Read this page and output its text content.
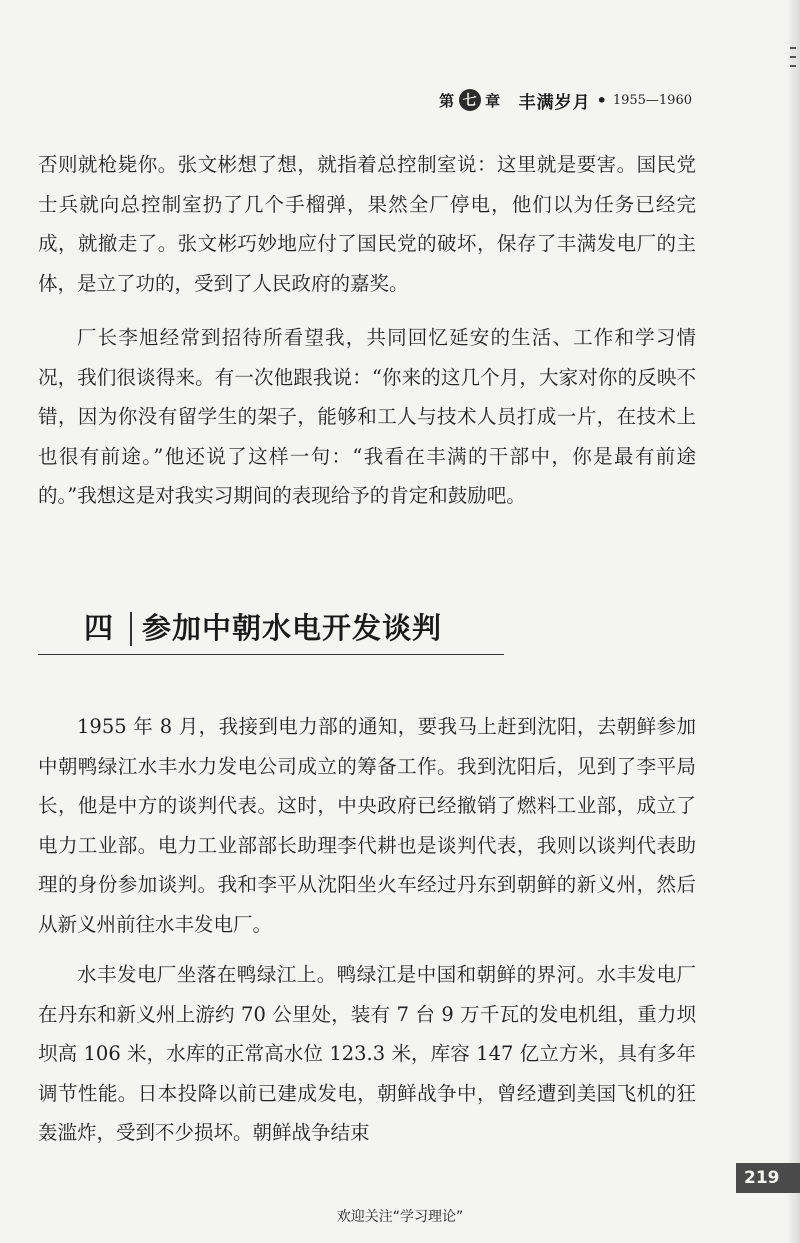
第 七 章 丰满岁月 • 1955—1960

否则就枪毙你。张文彬想了想，就指着总控制室说：这里就是要害。国民党士兵就向总控制室扔了几个手榴弹，果然全厂停电，他们以为任务已经完成，就撤走了。张文彬巧妙地应付了国民党的破坏，保存了丰满发电厂的主体，是立了功的，受到了人民政府的嘉奖。

厂长李旭经常到招待所看望我，共同回忆延安的生活、工作和学习情况，我们很谈得来。有一次他跟我说：“你来的这几个月，大家对你的反映不错，因为你没有留学生的架子，能够和工人与技术人员打成一片，在技术上也很有前途。”他还说了这样一句：“我看在丰满的干部中，你是最有前途的。”我想这是对我实习期间的表现给予的肯定和鼓励吧。

四 参加中朝水电开发谈判

1955 年 8 月，我接到电力部的通知，要我马上赶到沈阳，去朝鲜参加中朝鸭绿江水丰水力发电公司成立的筹备工作。我到沈阳后，见到了李平局长，他是中方的谈判代表。这时，中央政府已经撤销了燃料工业部，成立了电力工业部。电力工业部部长助理李代耕也是谈判代表，我则以谈判代表助理的身份参加谈判。我和李平从沈阳坐火车经过丹东到朝鲜的新义州，然后从新义州前往水丰发电厂。

水丰发电厂坐落在鸭绿江上。鸭绿江是中国和朝鲜的界河。水丰发电厂在丹东和新义州上游约 70 公里处，装有 7 台 9 万千瓦的发电机组，重力坝坝高 106 米，水库的正常高水位 123.3 米，库容 147 亿立方米，具有多年调节性能。日本投降以前已建成发电，朝鲜战争中，曾经遭到美国飞机的狂轰滥炸，受到不少损坏。朝鲜战争结束

219
欢迎关注“学习理论”
